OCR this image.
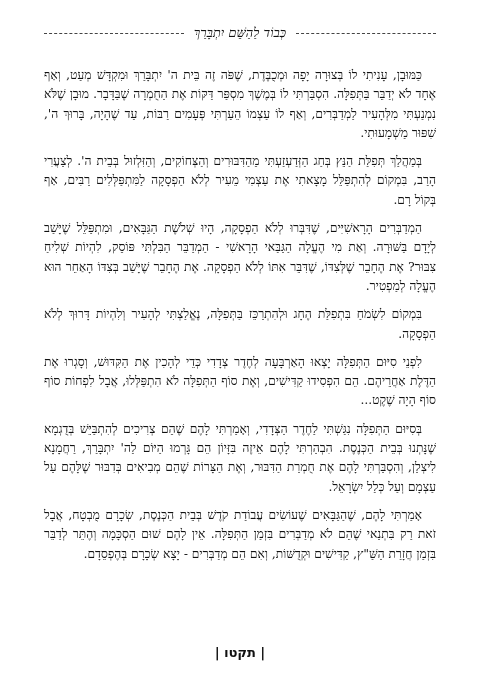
כְּבוֹד לַהַשֵּׁם יִתְבָּרַךְ

כַּמּוּבָן, עָנִיתִי לוֹ בְּצוּרָה יָפָה וּמְכֻבֶּדֶת, שֶׁפֹּה זֶה בֵּית ה' יִתְבָּרַךְ וּמִקְדָּשׁ מְעַט, וְאַף אֶחָד לֹא יְדַבֵּר בַּתְּפִלָּה. הִסְבַּרְתִּי לוֹ בְּמֶשֶׁךְ מִסְפַּר דַּקּוֹת אֶת הַחֻמְרָה שֶׁבַּדָּבָר. מוּבָן שֶׁלֹּא נִמְנַעְתִּי מִלְּהָעִיר לַמְדַבְּרִים, וְאַף לוֹ עַצְמוֹ הֵעַרְתִּי פְּעָמִים רַבּוֹת, עַד שֶׁהָיָה, בָּרוּךְ ה', שִׁפּוּר מַשְׁמָעוּתִי.

בְּמַהֲלַךְ תְּפִלַּת הַנֵּץ בְּחַג הַזְּדַעְזַעְתִּי מֵהַדִּבּוּרִים וְהַצְּחוֹקִים, וְהַזִּלְזוּל בְּבֵית ה'. לְצַעֲרִי הָרַב, בִּמְקוֹם לְהִתְפַּלֵּל מָצָאתִי אֶת עַצְמִי מֵעִיר לְלֹא הַפְסָקָה לַמִּתְפַּלְּלִים רַבִּים, אַף בְּקוֹל רָם.

הַמְדַבְּרִים הָרָאשִׁיִּים, שֶׁדִּבְּרוּ לְלֹא הַפְסָקָה, הָיוּ שְׁלֹשֶׁת הַגַּבָּאִים, וּמִתְפַּלֵּל שֶׁיָּשַׁב לְיָדָם בַּשּׁוּרָה. וְאַת מִי הֶעֱלָה הַגַּבַּאי הָרָאשִׁי - הַמְדַבֵּר הַבִּלְתִּי פּוֹסֵק, לִהְיוֹת שְׁלִיחַ צִבּוּר? אֶת הֶחָבֵר שֶׁלְּצִדּוֹ, שֶׁדִּבֵּר אִתּוֹ לְלֹא הַפְסָקָה. אֶת הֶחָבֵר שֶׁיָּשַׁב בְּצִדּוֹ הָאַחֵר הוּא הֶעֱלָה לְמַפְטִיר.

בִּמְקוֹם לִשְׂמֹחַ בִּתְפִלַּת הֶחָג וּלְהִתְרַכֵּז בַּתְּפִלָּה, נֶאֱלַצְתִּי לְהָעִיר וְלִהְיוֹת דָּרוּךְ לְלֹא הַפְסָקָה.

לִפְנֵי סִיּוּם הַתְּפִלָּה יָצְאוּ הָאַרְבָּעָה לְחֶדֶר צְדָדִי כְּדֵי לְהָכִין אֶת הַקִּדּוּשׁ, וְסָגְרוּ אֶת הַדֶּלֶת אַחֲרֵיהֶם. הֵם הִפְסִידוּ קַדִּישִׁים, וְאֶת סוֹף הַתְּפִלָּה לֹא הִתְפַּלְּלוּ, אֲבָל לִפְחוֹת סוֹף סוֹף הָיָה שֶׁקֶט...

בְּסִיּוּם הַתְּפִלָּה נִגַּשְׁתִּי לַחֶדֶר הַצְּדָדִי, וְאָמַרְתִּי לָהֶם שֶׁהֵם צְרִיכִים לְהִתְבַּיֵּשׁ בְּדֻגְמָא שֶׁנָּתְנוּ בְּבֵית הַכְּנֶסֶת. הִבְהַרְתִּי לָהֶם אֵיזֶה בִּזָּיוֹן הֵם גָּרְמוּ הַיּוֹם לַה' יִתְבָּרַךְ, רַחֲמָנָא לִיצְלַן, וְהִסְבַּרְתִּי לָהֶם אֶת חֻמְרַת הַדִּבּוּר, וְאֶת הַצָּרוֹת שֶׁהֵם מְבִיאִים בְּדִבּוּר שֶׁלָּהֶם עַל עַצְמָם וְעַל כְּלַל יִשְׂרָאֵל.

אָמַרְתִּי לָהֶם, שֶׁהַגַּבָּאִים שֶׁעוֹשִׂים עֲבוֹדַת קֹדֶשׁ בְּבֵית הַכְּנֶסֶת, שְׂכָרָם מֻבְטָח, אֲבָל זֹאת רַק בִּתְנַאי שֶׁהֵם לֹא מְדַבְּרִים בִּזְמַן הַתְּפִלָּה. אֵין לָהֶם שׁוּם הַסְכָּמָה וְהֶתֵּר לְדַבֵּר בִּזְמַן חֲזָרַת הַשַּׁ"ץ, קַדִּישִׁים וּקְדֻשּׁוֹת, וְאִם הֵם מְדַבְּרִים - יָצָא שְׂכָרָם בְּהֶפְסֵדָם.

| תקטו |
